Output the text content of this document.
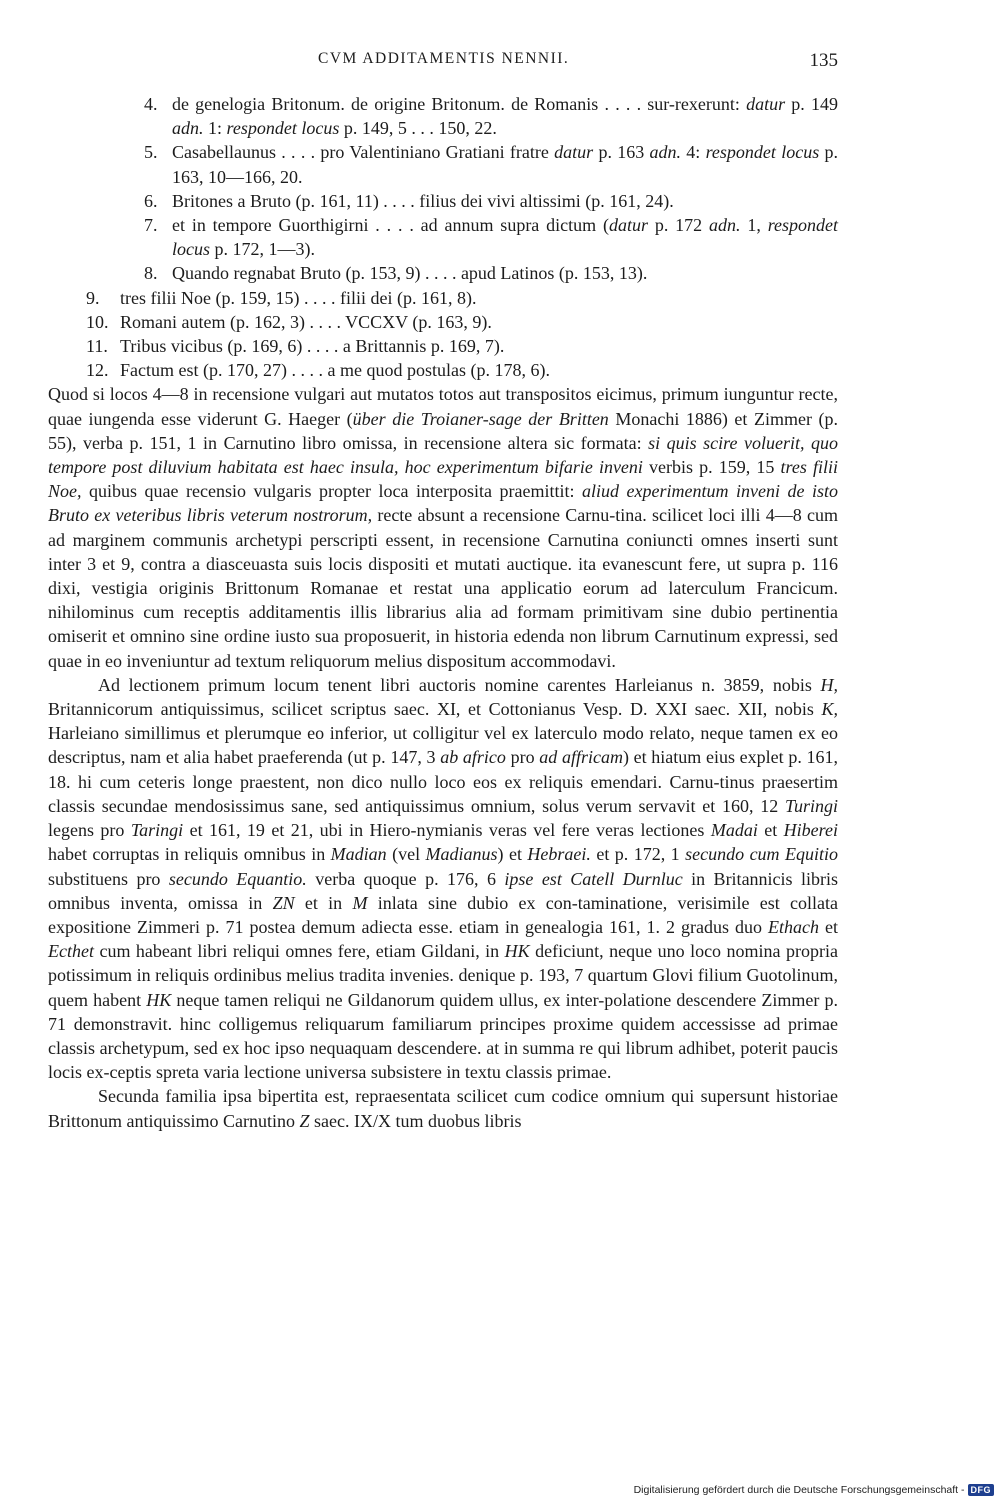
CVM ADDITAMENTIS NENNII.	135
4. de genelogia Britonum. de origine Britonum. de Romanis . . . . sur-rexerunt: datur p. 149 adn. 1: respondet locus p. 149, 5 . . . 150, 22.
5. Casabellaunus . . . . pro Valentiniano Gratiani fratre datur p. 163 adn. 4: respondet locus p. 163, 10—166, 20.
6. Britones a Bruto (p. 161, 11) . . . . filius dei vivi altissimi (p. 161, 24).
7. et in tempore Guorthigirni . . . . ad annum supra dictum (datur p. 172 adn. 1, respondet locus p. 172, 1—3).
8. Quando regnabat Bruto (p. 153, 9) . . . . apud Latinos (p. 153, 13).
9. tres filii Noe (p. 159, 15) . . . . filii dei (p. 161, 8).
10. Romani autem (p. 162, 3) . . . . VCCXV (p. 163, 9).
11. Tribus vicibus (p. 169, 6) . . . . a Brittannis p. 169, 7).
12. Factum est (p. 170, 27) . . . . a me quod postulas (p. 178, 6).

Quod si locos 4—8 in recensione vulgari aut mutatos totos aut transpositos eicimus, primum iunguntur recte, quae iungenda esse viderunt G. Haeger (über die Troianer-sage der Britten Monachi 1886) et Zimmer (p. 55), verba p. 151, 1 in Carnutino libro omissa, in recensione altera sic formata: si quis scire voluerit, quo tempore post diluvium habitata est haec insula, hoc experimentum bifarie inveni verbis p. 159, 15 tres filii Noe, quibus quae recensio vulgaris propter loca interposita praemittit: aliud experimentum inveni de isto Bruto ex veteribus libris veterum nostrorum, recte absunt a recensione Carnu-tina. scilicet loci illi 4—8 cum ad marginem communis archetypi perscripti essent, in recensione Carnutina coniuncti omnes inserti sunt inter 3 et 9, contra a diasceuasta suis locis dispositi et mutati auctique. ita evanescunt fere, ut supra p. 116 dixi, vestigia originis Brittonum Romanae et restat una applicatio eorum ad laterculum Francicum. nihilominus cum receptis additamentis illis librarius alia ad formam primitivam sine dubio pertinentia omiserit et omnino sine ordine iusto sua proposuerit, in historia edenda non librum Carnutinum expressi, sed quae in eo inveniuntur ad textum reliquorum melius dispositum accommodavi.

Ad lectionem primum locum tenent libri auctoris nomine carentes Harleianus n. 3859, nobis H, Britannicorum antiquissimus, scilicet scriptus saec. XI, et Cottonianus Vesp. D. XXI saec. XII, nobis K, Harleiano simillimus et plerumque eo inferior, ut colligitur vel ex laterculo modo relato, neque tamen ex eo descriptus, nam et alia habet praeferenda (ut p. 147, 3 ab africo pro ad affricam) et hiatum eius explet p. 161, 18. hi cum ceteris longe praestent, non dico nullo loco eos ex reliquis emendari. Carnu-tinus praesertim classis secundae mendosissimus sane, sed antiquissimus omnium, solus verum servavit et 160, 12 Turingi legens pro Taringi et 161, 19 et 21, ubi in Hiero-nymianis veras vel fere veras lectiones Madai et Hiberei habet corruptas in reliquis omnibus in Madian (vel Madianus) et Hebraei. et p. 172, 1 secundo cum Equitio substituens pro secundo Equantio. verba quoque p. 176, 6 ipse est Catell Durnluc in Britannicis libris omnibus inventa, omissa in ZN et in M inlata sine dubio ex con-taminatione, verisimile est collata expositione Zimmeri p. 71 postea demum adiecta esse. etiam in genealogia 161, 1. 2 gradus duo Ethach et Ecthet cum habeant libri reliqui omnes fere, etiam Gildani, in HK deficiunt, neque uno loco nomina propria potissimum in reliquis ordinibus melius tradita invenies. denique p. 193, 7 quartum Glovi filium Guotolinum, quem habent HK neque tamen reliqui ne Gildanorum quidem ullus, ex inter-polatione descendere Zimmer p. 71 demonstravit. hinc colligemus reliquarum familiarum principes proxime quidem accessisse ad primae classis archetypum, sed ex hoc ipso nequaquam descendere. at in summa re qui librum adhibet, poterit paucis locis ex-ceptis spreta varia lectione universa subsistere in textu classis primae.

Secunda familia ipsa bipertita est, repraesentata scilicet cum codice omnium qui supersunt historiae Brittonum antiquissimo Carnutino Z saec. IX/X tum duobus libris

Digitalisierung gefördert durch die Deutsche Forschungsgemeinschaft - DFG
